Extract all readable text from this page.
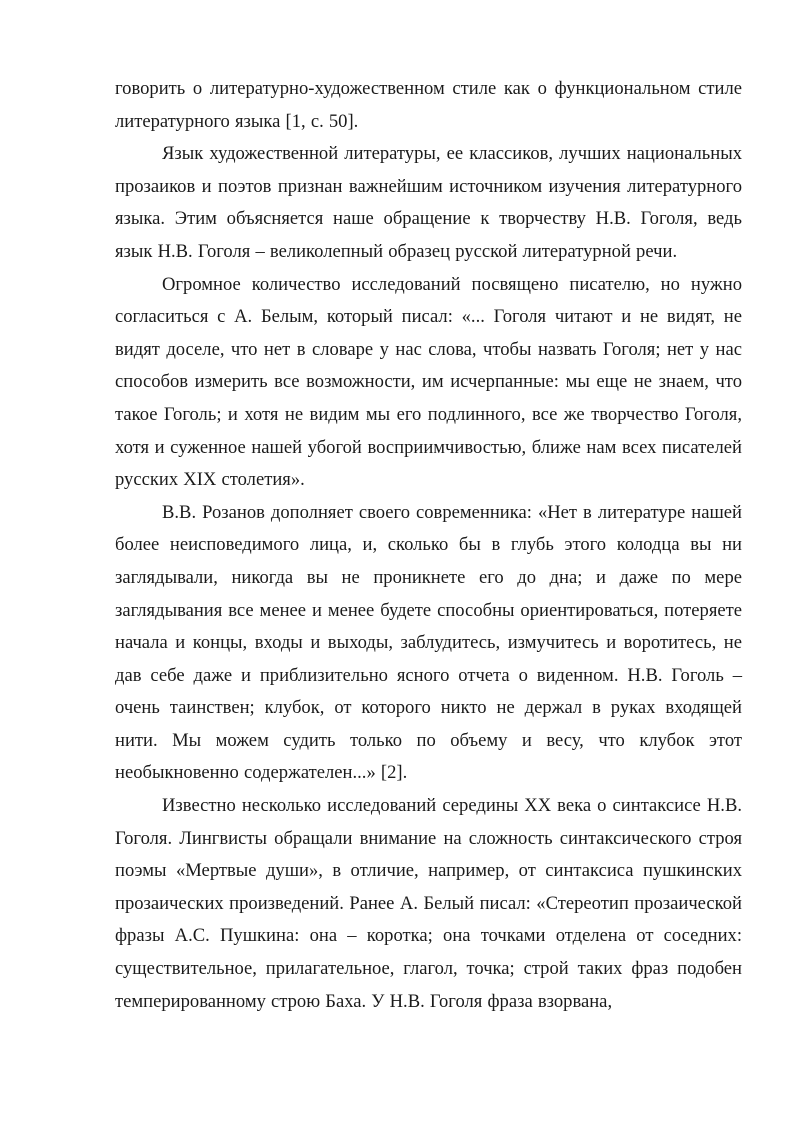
говорить о литературно-художественном стиле как о функциональном стиле литературного языка [1, с. 50].

Язык художественной литературы, ее классиков, лучших национальных прозаиков и поэтов признан важнейшим источником изучения литературного языка. Этим объясняется наше обращение к творчеству Н.В. Гоголя, ведь язык Н.В. Гоголя – великолепный образец русской литературной речи.

Огромное количество исследований посвящено писателю, но нужно согласиться с А. Белым, который писал: «... Гоголя читают и не видят, не видят доселе, что нет в словаре у нас слова, чтобы назвать Гоголя; нет у нас способов измерить все возможности, им исчерпанные: мы еще не знаем, что такое Гоголь; и хотя не видим мы его подлинного, все же творчество Гоголя, хотя и суженное нашей убогой восприимчивостью, ближе нам всех писателей русских XIX столетия».

В.В. Розанов дополняет своего современника: «Нет в литературе нашей более неисповедимого лица, и, сколько бы в глубь этого колодца вы ни заглядывали, никогда вы не проникнете его до дна; и даже по мере заглядывания все менее и менее будете способны ориентироваться, потеряете начала и концы, входы и выходы, заблудитесь, измучитесь и воротитесь, не дав себе даже и приблизительно ясного отчета о виденном. Н.В. Гоголь – очень таинствен; клубок, от которого никто не держал в руках входящей нити. Мы можем судить только по объему и весу, что клубок этот необыкновенно содержателен...» [2].

Известно несколько исследований середины XX века о синтаксисе Н.В. Гоголя. Лингвисты обращали внимание на сложность синтаксического строя поэмы «Мертвые души», в отличие, например, от синтаксиса пушкинских прозаических произведений. Ранее А. Белый писал: «Стереотип прозаической фразы А.С. Пушкина: она – коротка; она точками отделена от соседних: существительное, прилагательное, глагол, точка; строй таких фраз подобен темперированному строю Баха. У Н.В. Гоголя фраза взорвана,
